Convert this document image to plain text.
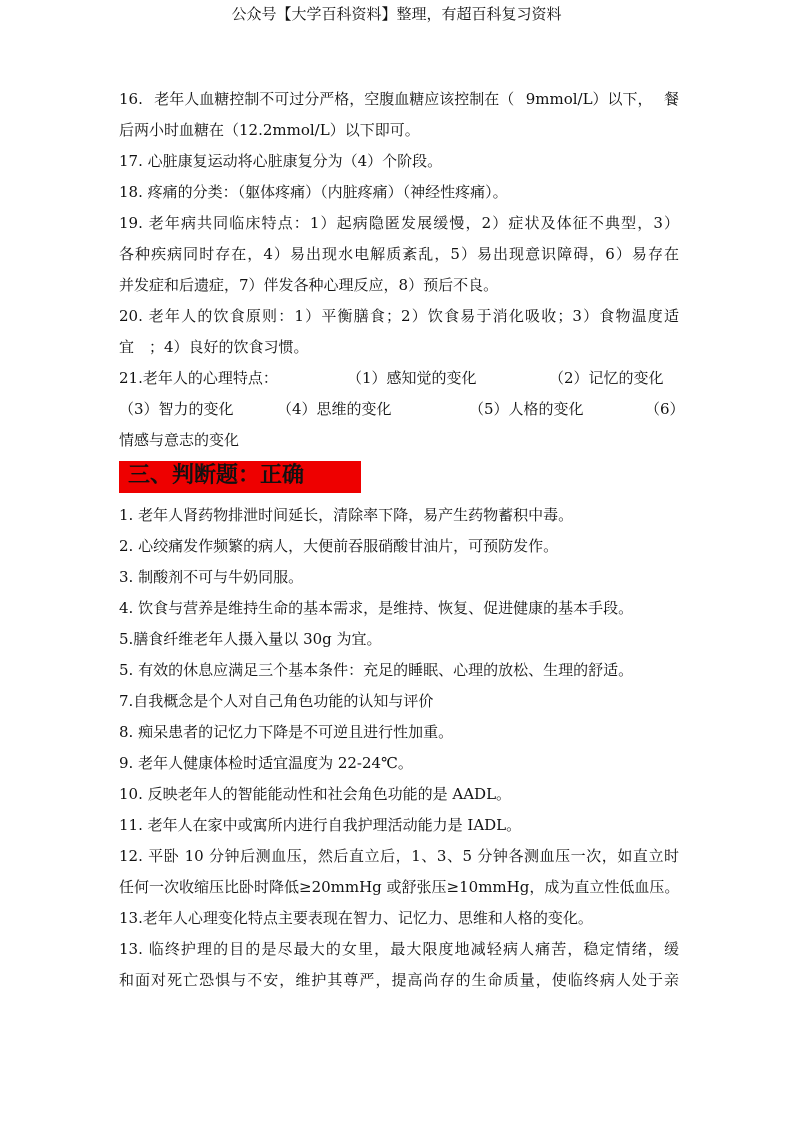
公众号【大学百科资料】整理，有超百科复习资料
16. 老年人血糖控制不可过分严格，空腹血糖应该控制在（ 9mmol/L）以下， 餐
后两小时血糖在（12.2mmol/L）以下即可。
17. 心脏康复运动将心脏康复分为（4）个阶段。
18. 疼痛的分类：（躯体疼痛）（内脏疼痛）（神经性疼痛）。
19. 老年病共同临床特点：1）起病隐匿发展缓慢，2）症状及体征不典型，3）
各种疾病同时存在，4）易出现水电解质紊乱，5）易出现意识障碍，6）易存在
并发症和后遗症，7）伴发各种心理反应，8）预后不良。
20. 老年人的饮食原则：1）平衡膳食；2）饮食易于消化吸收；3）食物温度适
宜　；4）良好的饮食习惯。
21.老年人的心理特点：	（1）感知觉的变化	（2）记忆的变化
（3）智力的变化	（4）思维的变化	（5）人格的变化	（6）
情感与意志的变化
三、判断题：正确
1. 老年人肾药物排泄时间延长，清除率下降，易产生药物蓄积中毒。
2. 心绞痛发作频繁的病人，大便前吞服硝酸甘油片，可预防发作。
3. 制酸剂不可与牛奶同服。
4. 饮食与营养是维持生命的基本需求，是维持、恢复、促进健康的基本手段。
5.膳食纤维老年人摄入量以 30g 为宜。
5. 有效的休息应满足三个基本条件：充足的睡眠、心理的放松、生理的舒适。
7.自我概念是个人对自己角色功能的认知与评价
8. 痴呆患者的记忆力下降是不可逆且进行性加重。
9. 老年人健康体检时适宜温度为 22-24℃。
10. 反映老年人的智能能动性和社会角色功能的是 AADL。
11. 老年人在家中或寓所内进行自我护理活动能力是 IADL。
12. 平卧 10 分钟后测血压，然后直立后，1、3、5 分钟各测血压一次，如直立时
任何一次收缩压比卧时降低≥20mmHg 或舒张压≥10mmHg，成为直立性低血压。
13.老年人心理变化特点主要表现在智力、记忆力、思维和人格的变化。
13. 临终护理的目的是尽最大的女里，最大限度地减轻病人痛苦，稳定情绪，缓
和面对死亡恐惧与不安，维护其尊严，提高尚存的生命质量，使临终病人处于亲
